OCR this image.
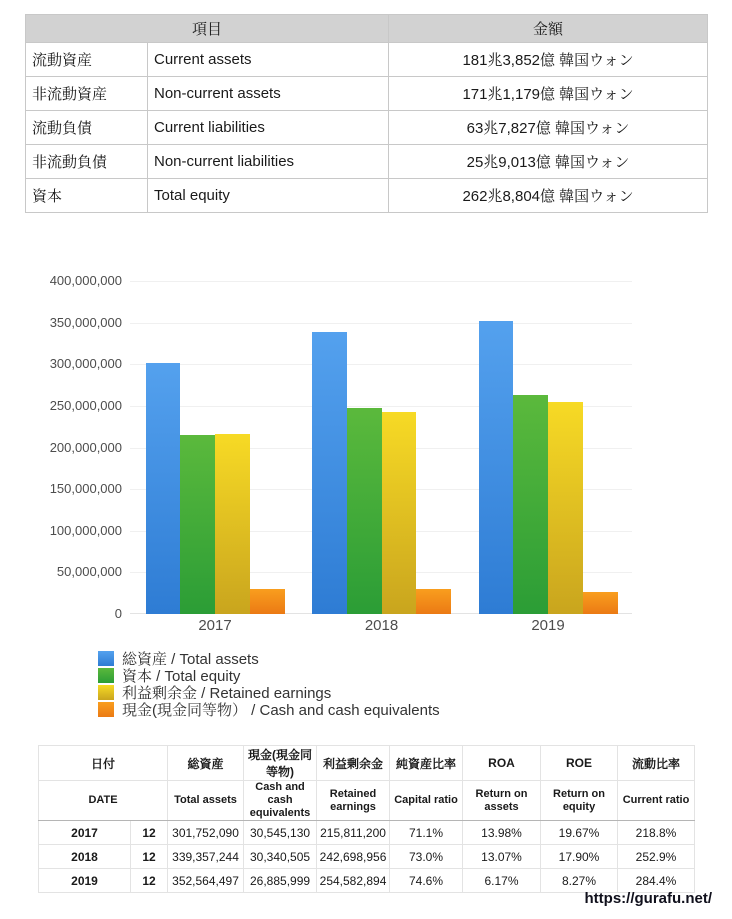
項目		金額
流動資産	Current assets	181兆3,852億 韓国ウォン
非流動資産	Non-current assets	171兆1,179億 韓国ウォン
流動負債	Current liabilities	63兆7,827億 韓国ウォン
非流動負債	Non-current liabilities	25兆9,013億 韓国ウォン
資本	Total equity	262兆8,804億 韓国ウォン
400,000,000
350,000,000
300,000,000
250,000,000
200,000,000
150,000,000
100,000,000
50,000,000
0
2017	2018	2019
総資産 / Total assets
資本 / Total equity
利益剰余金 / Retained earnings
現金(現金同等物） / Cash and cash equivalents
日付		総資産	現金(現金同等物)	利益剰余金	純資産比率	ROA	ROE	流動比率
DATE		Total assets	Cash and cash equivalents	Retained earnings	Capital ratio	Return on assets	Return on equity	Current ratio
2017	12	301,752,090	30,545,130	215,811,200	71.1%	13.98%	19.67%	218.8%
2018	12	339,357,244	30,340,505	242,698,956	73.0%	13.07%	17.90%	252.9%
2019	12	352,564,497	26,885,999	254,582,894	74.6%	6.17%	8.27%	284.4%
https://gurafu.net/
